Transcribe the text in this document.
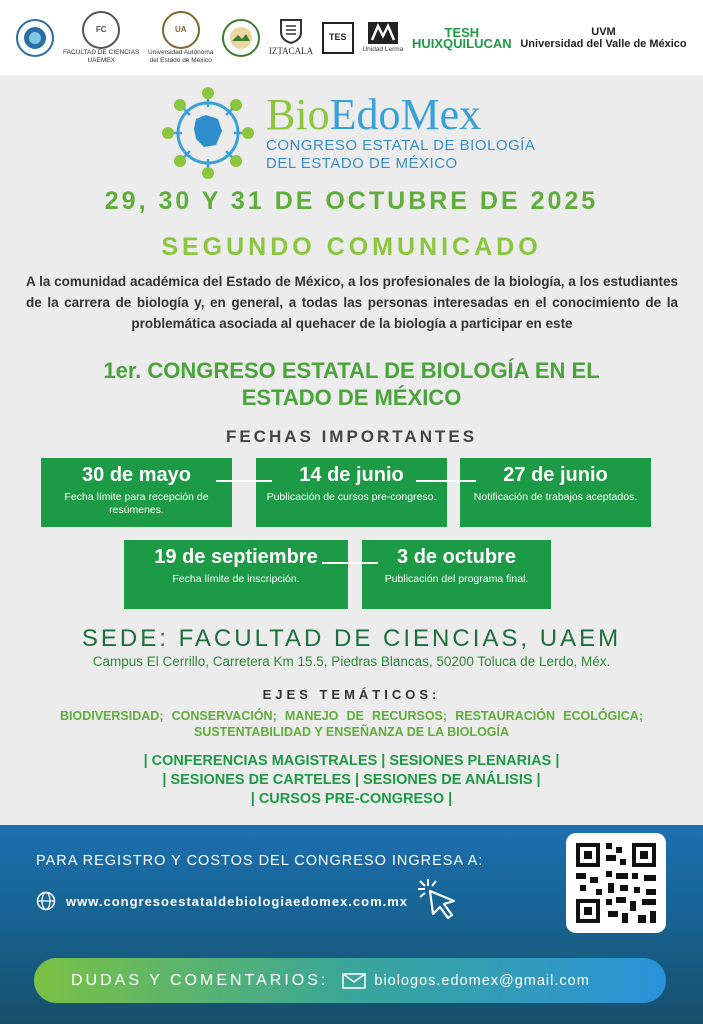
FC
FACULTAD DE CIENCIAS
UAEMEX
UA
Universidad Autónoma
del Estado de México
IZTACALA
TES
Unidad Lerma
TESH
HUIXQUILUCAN
UVM
Universidad del Valle de México
BioEdoMex
CONGRESO ESTATAL DE BIOLOGÍA
DEL ESTADO DE MÉXICO
29, 30 Y 31 DE OCTUBRE DE 2025
SEGUNDO COMUNICADO
A la comunidad académica del Estado de México, a los profesionales de la biología, a los estudiantes de la carrera de biología y, en general, a todas las personas interesadas en el conocimiento de la problemática asociada al quehacer de la biología a participar en este
1er. CONGRESO ESTATAL DE BIOLOGÍA EN EL
ESTADO DE MÉXICO
FECHAS IMPORTANTES
30 de mayo
Fecha límite para recepción de resúmenes.
14 de junio
Publicación de cursos pre-congreso.
27 de junio
Notificación de trabajos aceptados.
19 de septiembre
Fecha límite de inscripción.
3 de octubre
Publicación del programa final.
SEDE: FACULTAD DE CIENCIAS, UAEM
Campus El Cerrillo, Carretera Km 15.5, Piedras Blancas, 50200 Toluca de Lerdo, Méx.
EJES TEMÁTICOS:
BIODIVERSIDAD; CONSERVACIÓN; MANEJO DE RECURSOS; RESTAURACIÓN ECOLÓGICA; SUSTENTABILIDAD Y ENSEÑANZA DE LA BIOLOGÍA
| CONFERENCIAS MAGISTRALES | SESIONES PLENARIAS |
| SESIONES DE CARTELES | SESIONES DE ANÁLISIS |
| CURSOS PRE-CONGRESO |
PARA REGISTRO Y COSTOS DEL CONGRESO INGRESA A:
www.congresoestataldebiologiaedomex.com.mx
DUDAS Y COMENTARIOS:	biologos.edomex@gmail.com
